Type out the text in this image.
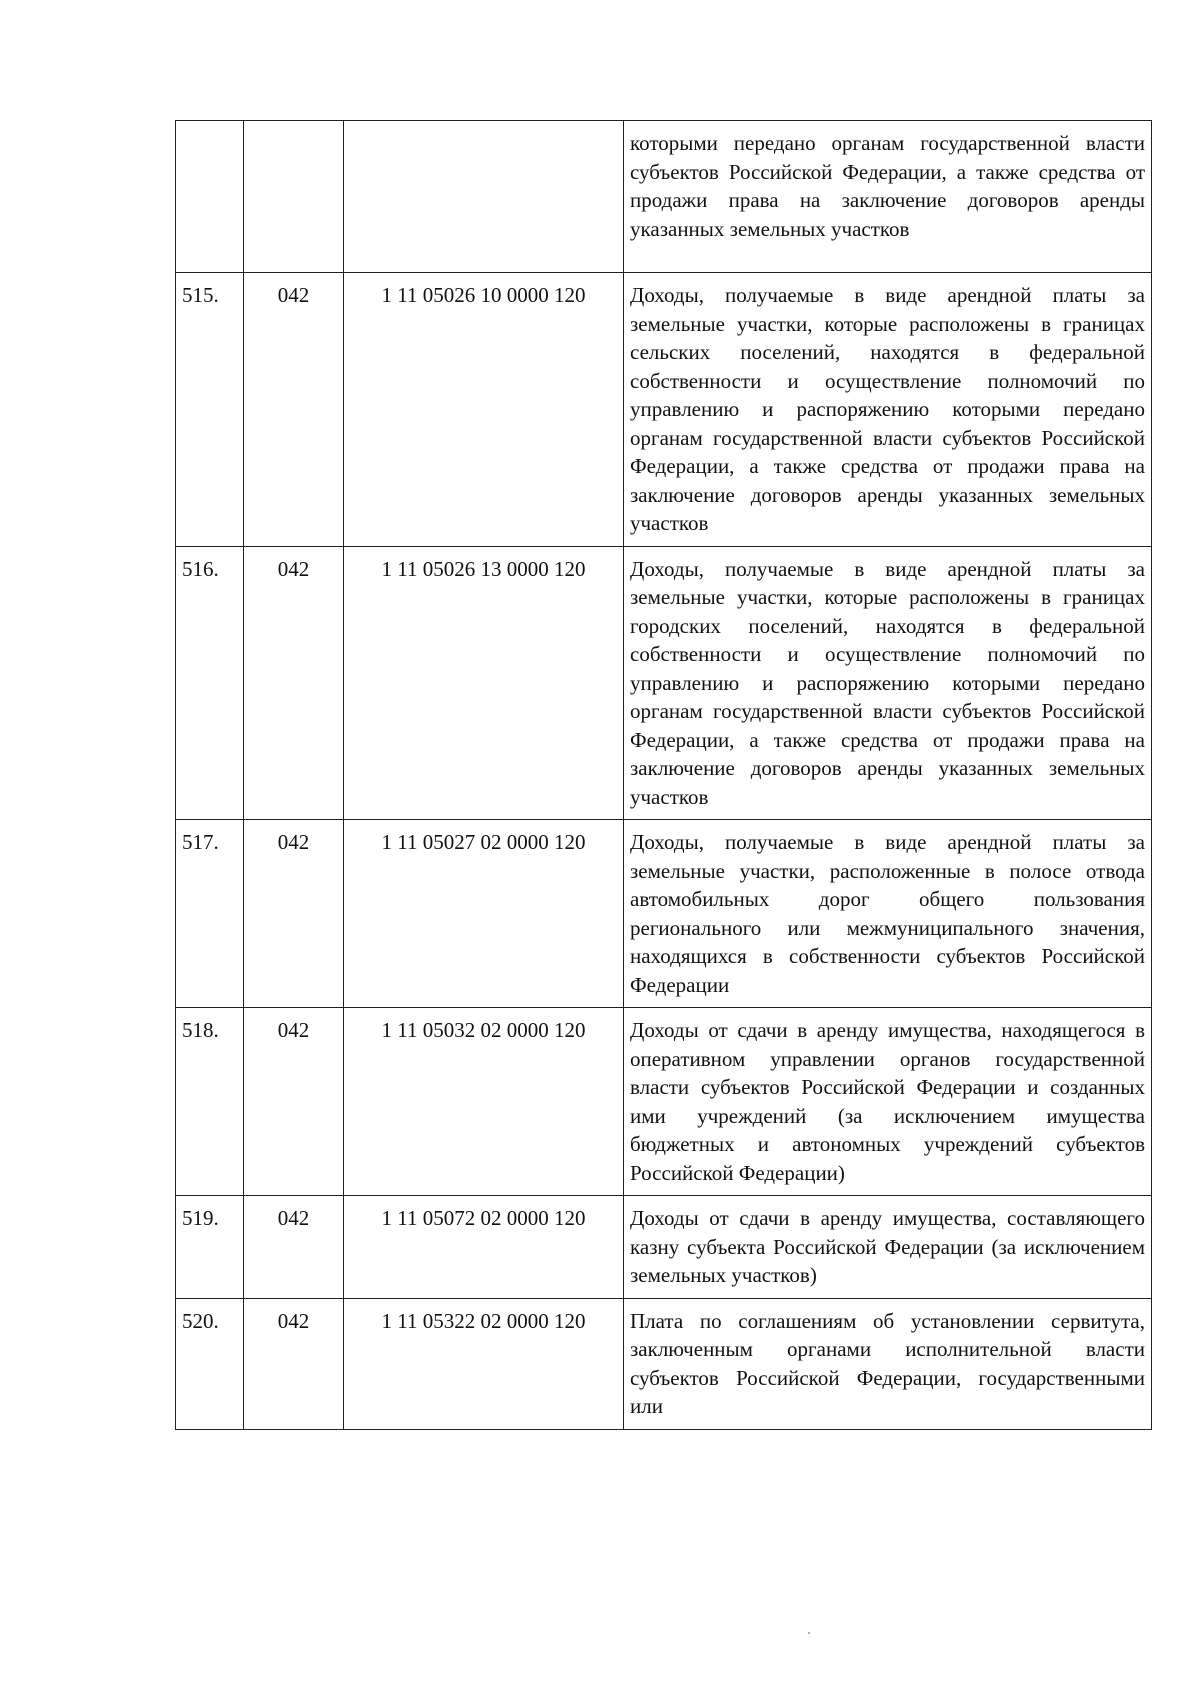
			которыми передано органам государственной власти субъектов Российской Федерации, а также средства от продажи права на заключение договоров аренды указанных земельных участков
515.	042	1 11 05026 10 0000 120	Доходы, получаемые в виде арендной платы за земельные участки, которые расположены в границах сельских поселений, находятся в федеральной собственности и осуществление полномочий по управлению и распоряжению которыми передано органам государственной власти субъектов Российской Федерации, а также средства от продажи права на заключение договоров аренды указанных земельных участков
516.	042	1 11 05026 13 0000 120	Доходы, получаемые в виде арендной платы за земельные участки, которые расположены в границах городских поселений, находятся в федеральной собственности и осуществление полномочий по управлению и распоряжению которыми передано органам государственной власти субъектов Российской Федерации, а также средства от продажи права на заключение договоров аренды указанных земельных участков
517.	042	1 11 05027 02 0000 120	Доходы, получаемые в виде арендной платы за земельные участки, расположенные в полосе отвода автомобильных дорог общего пользования регионального или межмуниципального значения, находящихся в собственности субъектов Российской Федерации
518.	042	1 11 05032 02 0000 120	Доходы от сдачи в аренду имущества, находящегося в оперативном управлении органов государственной власти субъектов Российской Федерации и созданных ими учреждений (за исключением имущества бюджетных и автономных учреждений субъектов Российской Федерации)
519.	042	1 11 05072 02 0000 120	Доходы от сдачи в аренду имущества, составляющего казну субъекта Российской Федерации (за исключением земельных участков)
520.	042	1 11 05322 02 0000 120	Плата по соглашениям об установлении сервитута, заключенным органами исполнительной власти субъектов Российской Федерации, государственными или
